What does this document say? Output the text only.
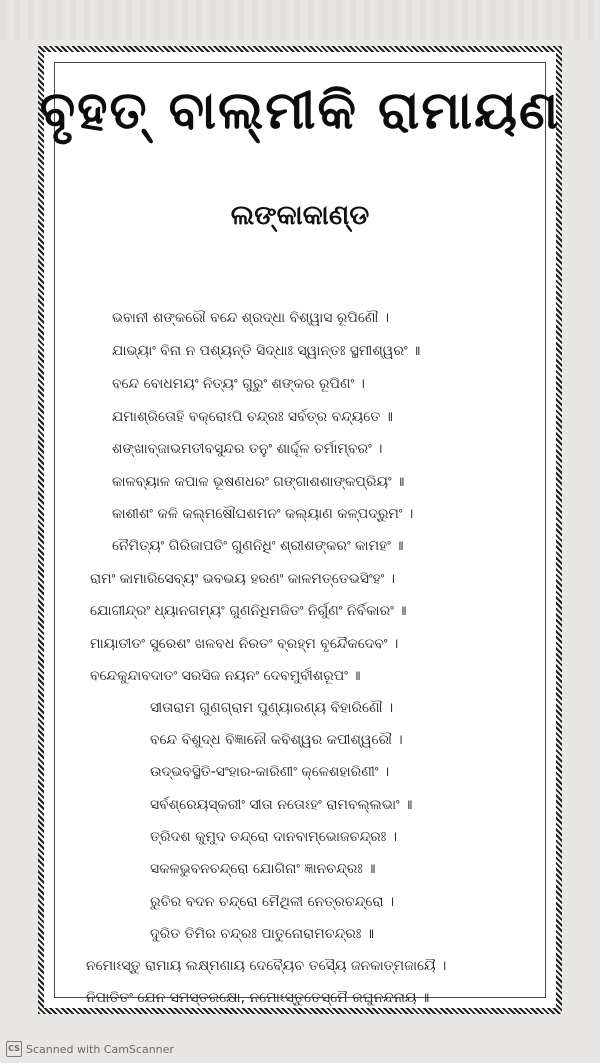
ବୃହତ୍ ବାଲ୍ମୀକି ରାମାୟଣ
ଲଙ୍କାକାଣ୍ଡ
ଭବାନୀ ଶଙ୍କରୌ ବନ୍ଦେ ଶ୍ରଦ୍ଧା ବିଶ୍ୱାସ ରୂପିଣୌ ।
ଯାଭ୍ୟାଂ ବିନା ନ ପଶ୍ୟନ୍ତି ସିଦ୍ଧାଃ ସ୍ୱାନ୍ତଃ ସ୍ଥମୀଶ୍ୱରଂ ॥
ବନ୍ଦେ ବୋଧମୟଂ ନିତ୍ୟଂ ଗୁରୁଂ ଶଙ୍କର ରୂପିଣଂ ।
ଯମାଶ୍ରିତୋହି ବକ୍ରୋଽପି ଚନ୍ଦ୍ରଃ ସର୍ବତ୍ର ବନ୍ଦ୍ୟତେ ॥
ଶଙ୍ଖାବ୍ଜାଭମତୀବସୁନ୍ଦର ତନୁଂ ଶାର୍ଦ୍ଦୂଳ ଚର୍ମାମ୍ବରଂ ।
କାଳବ୍ୟାଳ କପାଳ ଭୂଷଣଧରଂ ଗଙ୍ଗାଶଶାଙ୍କପ୍ରିୟଂ ॥
କାଶୀଶଂ କଳି କଲ୍ମଷୌଘଶମନଂ କଲ୍ୟାଣ କଳ୍ପଦ୍ରୁମଂ ।
ନୈମିତ୍ୟଂ ଗିରିଜାପତିଂ ଗୁଣନିଧିଂ ଶ୍ରୀଶଙ୍କରଂ କାମହଂ ॥
ରାମଂ କାମାରିସେବ୍ୟଂ ଭବଭୟ ହରଣଂ କାଳମତ୍ତେଭସିଂହଂ ।
ଯୋଗୀନ୍ଦ୍ରଂ ଧ୍ୟାନଗମ୍ୟଂ ଗୁଣନିଧିମଜିତଂ ନିର୍ଗୁଣଂ ନିର୍ବିକାରଂ ॥
ମାୟାତୀତଂ ସୁରେଶଂ ଖଳବଧ ନିରତଂ ବ୍ରହ୍ମ ବୃନ୍ଦୈକଦେବଂ ।
ବନ୍ଦେକୁନ୍ଦାବଦାତଂ ସରସିଜ ନୟନଂ ଦେବମୁର୍ବୀଶରୂପଂ ॥
ସୀତାରାମ ଗୁଣଗ୍ରାମ ପୁଣ୍ୟାରଣ୍ୟ ବିହାରିଣୌ ।
ବନ୍ଦେ ବିଶୁଦ୍ଧ ବିଜ୍ଞାନୌ କବିଶ୍ୱର କପୀଶ୍ୱରୌ ।
ଉଦ୍ଭବସ୍ଥିତି-ସଂହାର-କାରିଣୀଂ କ୍ଳେଶହାରିଣୀଂ ।
ସର୍ବଶ୍ରେୟସ୍କରୀଂ ସୀତା ନତୋଽହଂ ରାମବଲ୍ଲଭାଂ ॥
ତ୍ରିଦଶ କୁମୁଦ ଚନ୍ଦ୍ରୋ ଦାନବାମ୍ଭୋଜଚନ୍ଦ୍ରଃ ।
ସକଳଭୁବନଚନ୍ଦ୍ରୋ ଯୋଗିନାଂ ଜ୍ଞାନଚନ୍ଦ୍ରଃ ॥
ରୁଚିର ବଦନ ଚନ୍ଦ୍ରୋ ମୈଥିଳୀ ନେତ୍ରଚନ୍ଦ୍ରୋ ।
ଦୁରିତ ତିମିର ଚନ୍ଦ୍ରଃ ପାତୁନୋରାମଚନ୍ଦ୍ରଃ ॥
ନମୋଽସ୍ତୁ ରାମାୟ ଲକ୍ଷ୍ମଣାୟ ଦେବ୍ୟୈଚ ତସ୍ୟୈ ଜନକାତ୍ମଜାୟୈ ।
ନିପାତିତଂ ଯେନ ସମସ୍ତରକ୍ଷୋ, ନମୋଽସ୍ତୁତେସ୍ମୈ ରଘୁନନ୍ଦନାୟ ॥
CS Scanned with CamScanner
